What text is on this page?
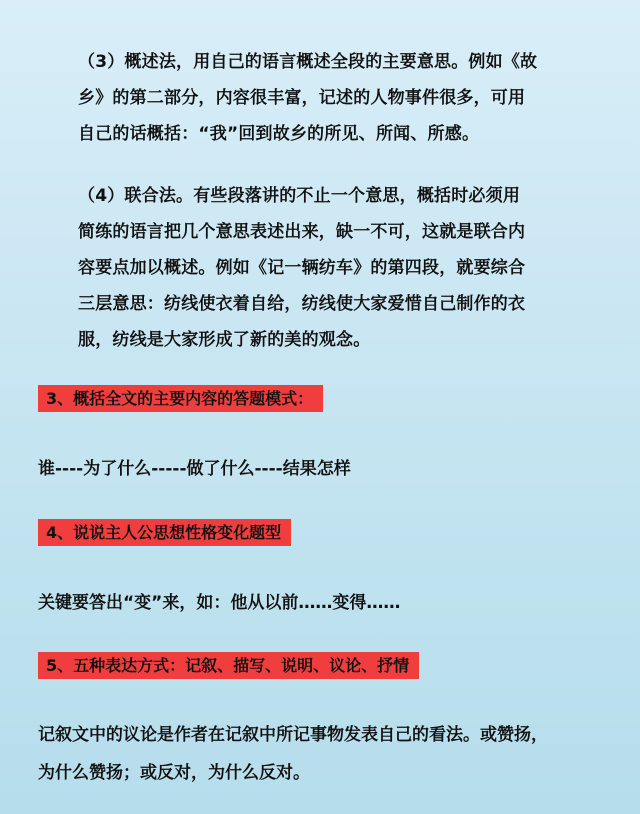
（3）概述法，用自己的语言概述全段的主要意思。例如《故
乡》的第二部分，内容很丰富，记述的人物事件很多，可用
自己的话概括：“我”回到故乡的所见、所闻、所感。

（4）联合法。有些段落讲的不止一个意思，概括时必须用
简练的语言把几个意思表述出来，缺一不可，这就是联合内
容要点加以概述。例如《记一辆纺车》的第四段，就要综合
三层意思：纺线使衣着自给，纺线使大家爱惜自己制作的衣
服，纺线是大家形成了新的美的观念。

3、概括全文的主要内容的答题模式：

谁----为了什么-----做了什么----结果怎样

4、说说主人公思想性格变化题型

关键要答出“变”来，如：他从以前……变得……

5、五种表达方式：记叙、描写、说明、议论、抒情

记叙文中的议论是作者在记叙中所记事物发表自己的看法。或赞扬，
为什么赞扬；或反对，为什么反对。
